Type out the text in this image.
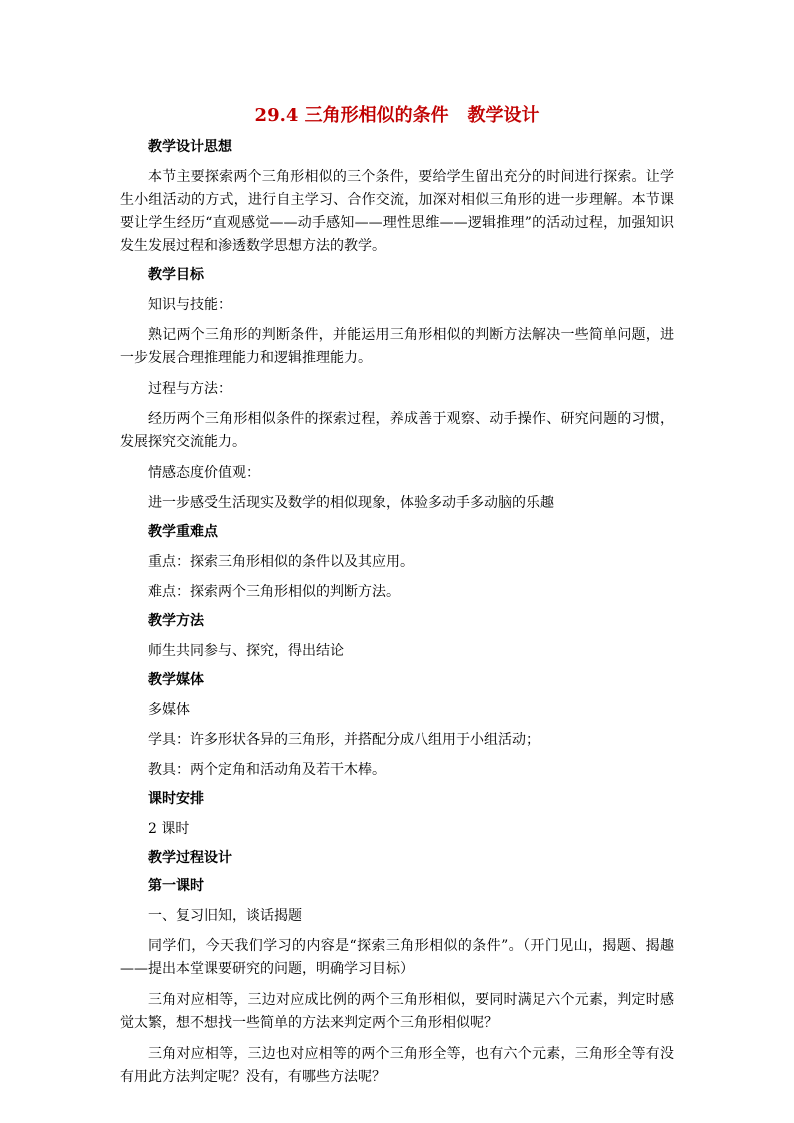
29.4 三角形相似的条件   教学设计
教学设计思想
本节主要探索两个三角形相似的三个条件，要给学生留出充分的时间进行探索。让学生小组活动的方式，进行自主学习、合作交流，加深对相似三角形的进一步理解。本节课要让学生经历“直观感觉——动手感知——理性思维——逻辑推理”的活动过程，加强知识发生发展过程和渗透数学思想方法的教学。
教学目标
知识与技能：
熟记两个三角形的判断条件，并能运用三角形相似的判断方法解决一些简单问题，进一步发展合理推理能力和逻辑推理能力。
过程与方法：
经历两个三角形相似条件的探索过程，养成善于观察、动手操作、研究问题的习惯，发展探究交流能力。
情感态度价值观：
进一步感受生活现实及数学的相似现象，体验多动手多动脑的乐趣
教学重难点
重点：探索三角形相似的条件以及其应用。
难点：探索两个三角形相似的判断方法。
教学方法
师生共同参与、探究，得出结论
教学媒体
多媒体
学具：许多形状各异的三角形，并搭配分成八组用于小组活动；
教具：两个定角和活动角及若干木棒。
课时安排
2 课时
教学过程设计
第一课时
一、复习旧知，谈话揭题
同学们，今天我们学习的内容是“探索三角形相似的条件”。（开门见山，揭题、揭趣——提出本堂课要研究的问题，明确学习目标）
三角对应相等，三边对应成比例的两个三角形相似，要同时满足六个元素，判定时感觉太繁，想不想找一些简单的方法来判定两个三角形相似呢？
三角对应相等，三边也对应相等的两个三角形全等，也有六个元素，三角形全等有没有用此方法判定呢？没有，有哪些方法呢？
